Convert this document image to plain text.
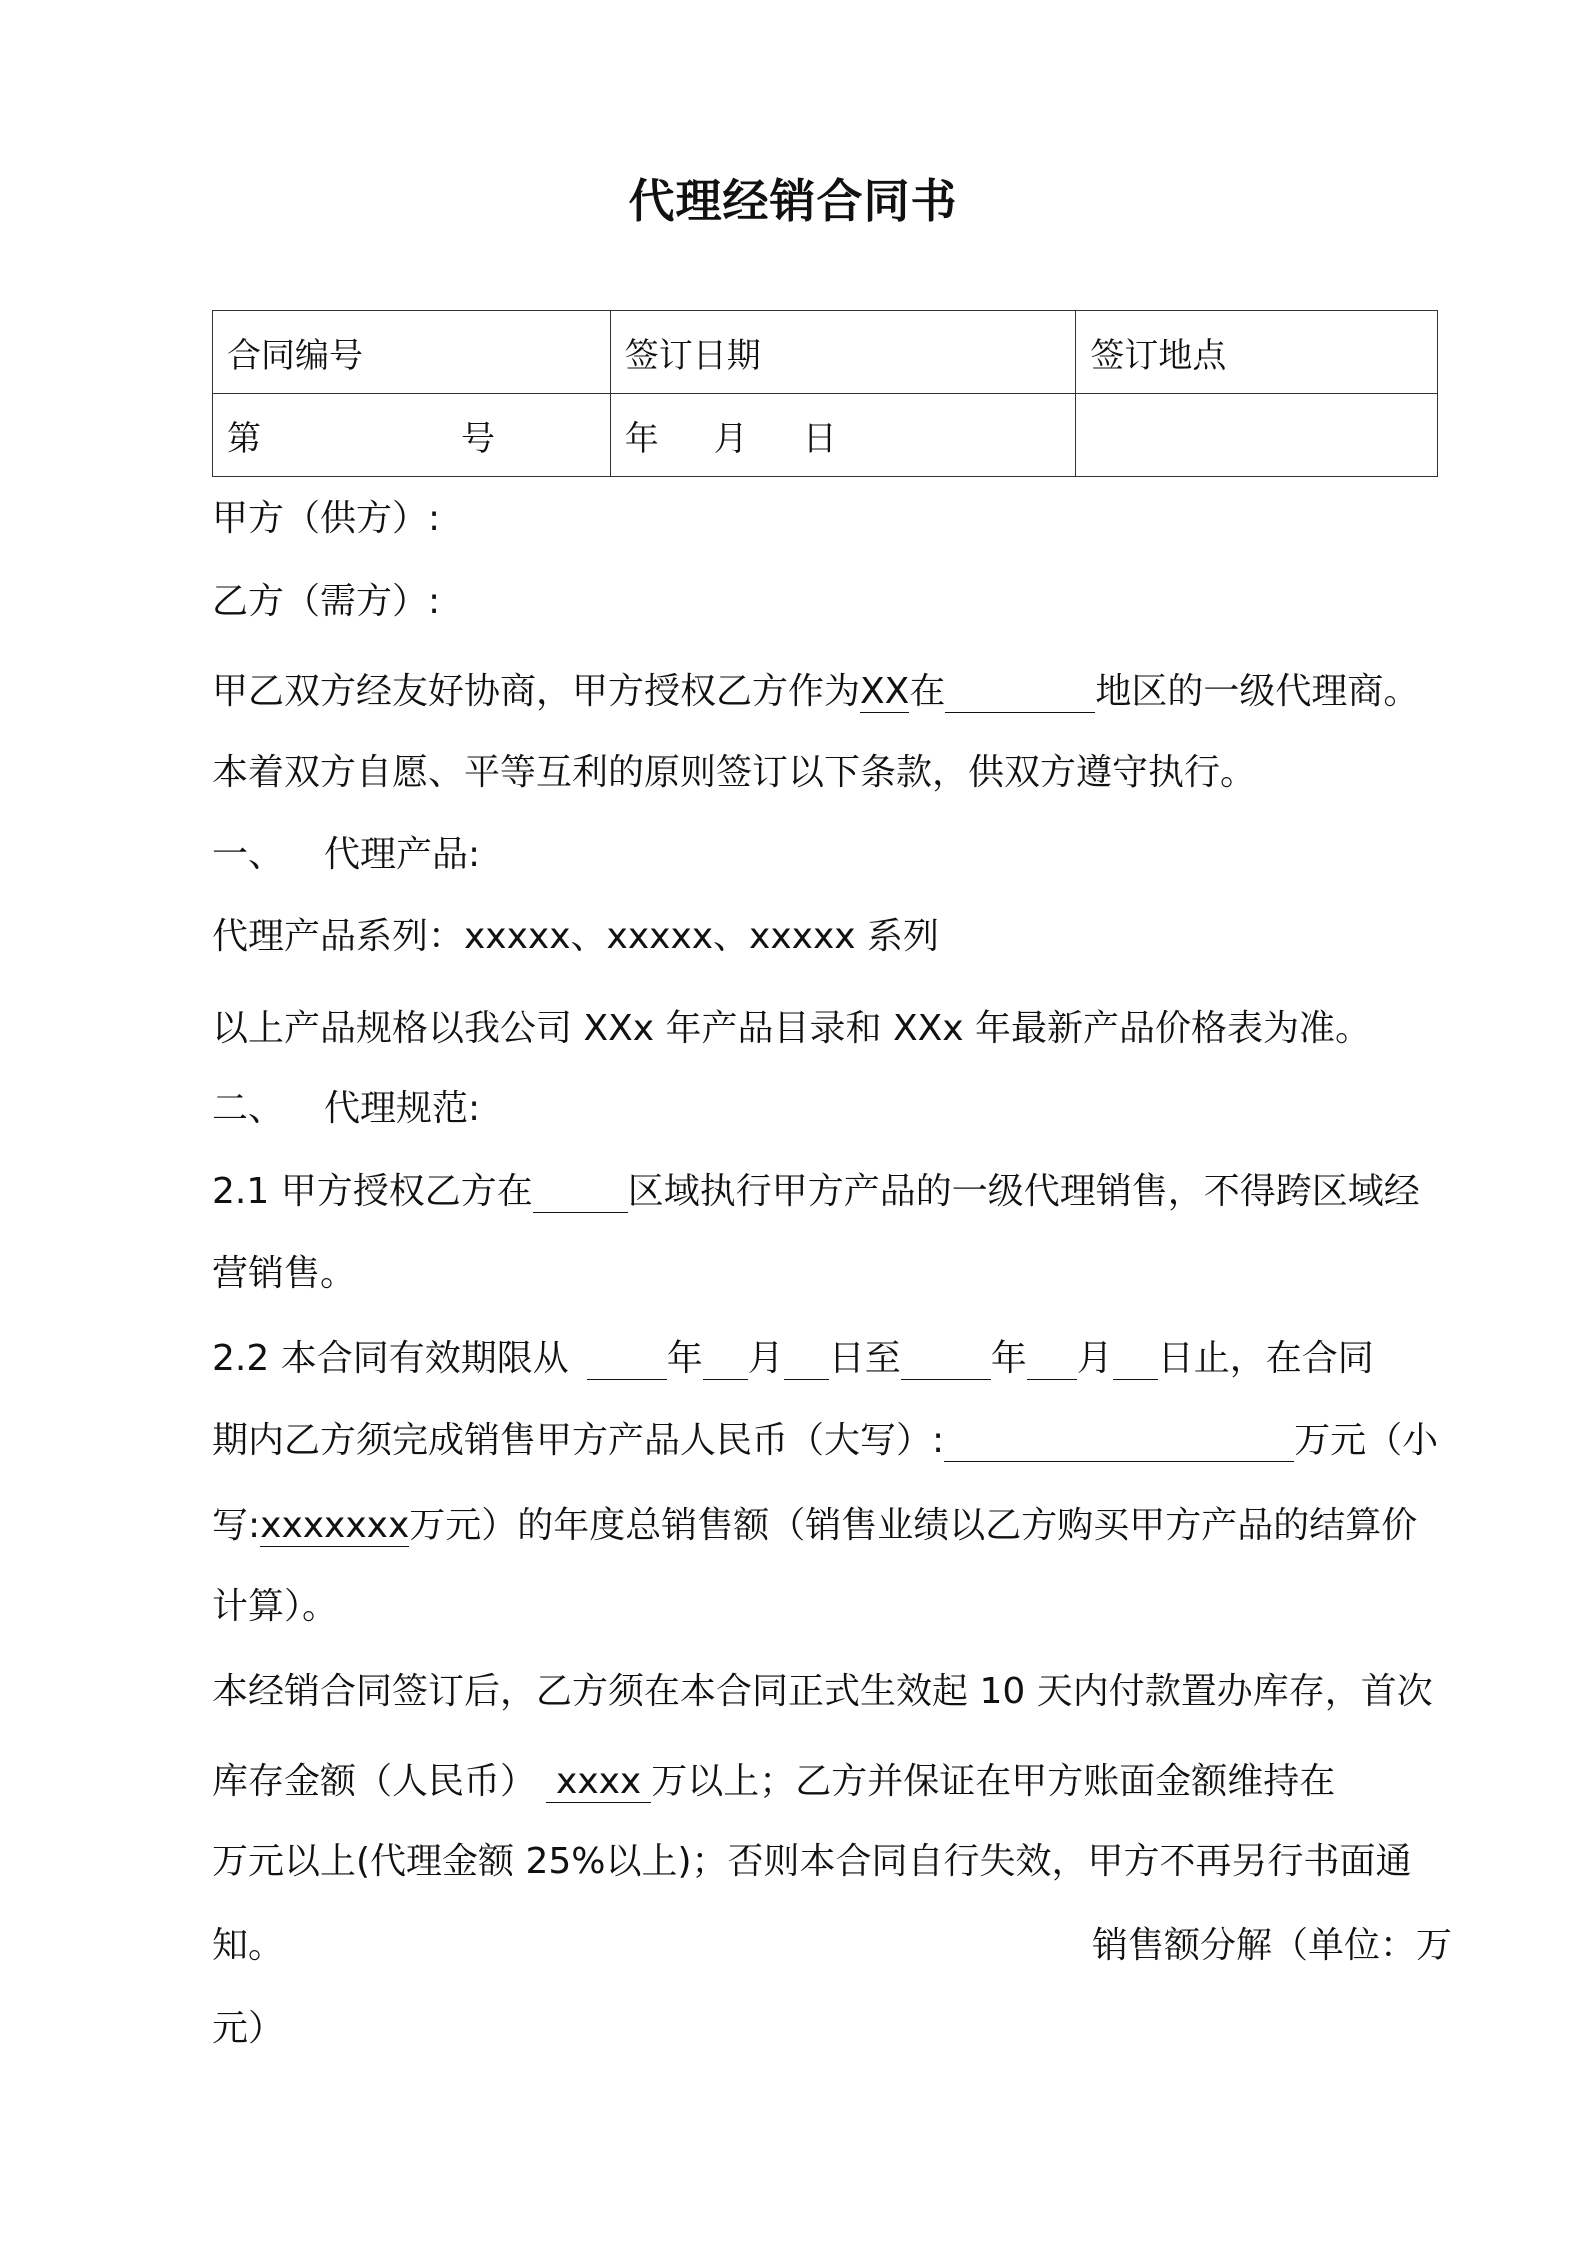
代理经销合同书
合同编号	签订日期	签订地点
第 号	年 月 日	
甲方（供方）:
乙方（需方）:
甲乙双方经友好协商，甲方授权乙方作为XX在	地区的一级代理商。
本着双方自愿、平等互利的原则签订以下条款，供双方遵守执行。
一、 代理产品:
代理产品系列：xxxxx、xxxxx、xxxxx 系列
以上产品规格以我公司 XXx 年产品目录和 XXx 年最新产品价格表为准。
二、 代理规范:
2.1 甲方授权乙方在	区域执行甲方产品的一级代理销售，不得跨区域经
营销售。
2.2 本合同有效期限从	年 月 日至	年 月 日止，在合同
期内乙方须完成销售甲方产品人民币（大写）:	万元（小
写:xxxxxxx万元）的年度总销售额（销售业绩以乙方购买甲方产品的结算价
计算）。
本经销合同签订后，乙方须在本合同正式生效起 10 天内付款置办库存，首次
库存金额（人民币） xxxx 万以上；乙方并保证在甲方账面金额维持在
万元以上(代理金额 25%以上)；否则本合同自行失效，甲方不再另行书面通
知。	销售额分解（单位：万
元）
